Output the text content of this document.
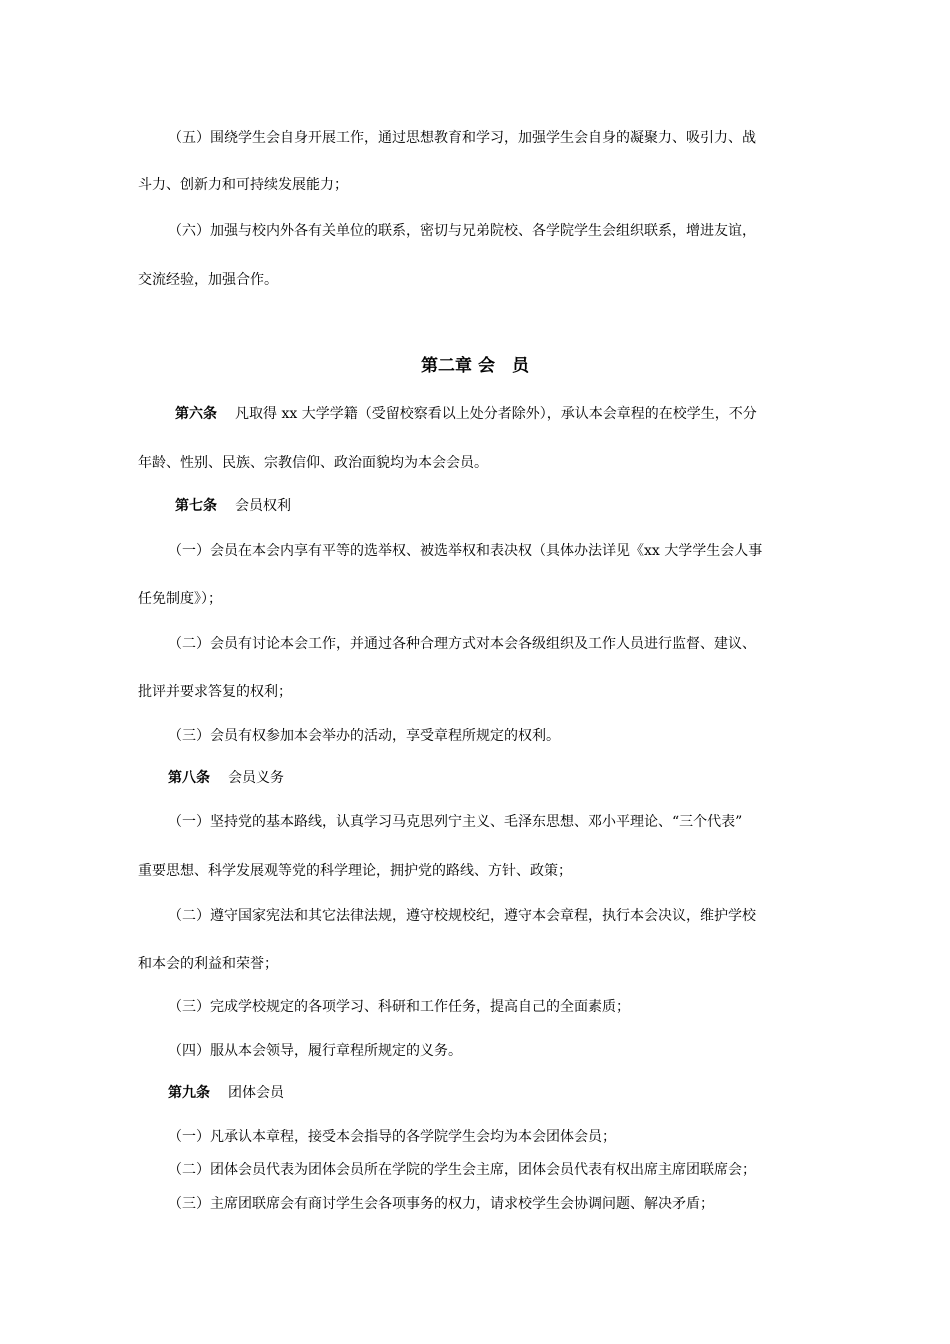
（五）围绕学生会自身开展工作，通过思想教育和学习，加强学生会自身的凝聚力、吸引力、战
斗力、创新力和可持续发展能力；
（六）加强与校内外各有关单位的联系，密切与兄弟院校、各学院学生会组织联系，增进友谊，
交流经验，加强合作。
第二章 会　员
第六条 凡取得 xx 大学学籍（受留校察看以上处分者除外），承认本会章程的在校学生，不分
年龄、性别、民族、宗教信仰、政治面貌均为本会会员。
第七条 会员权利
（一）会员在本会内享有平等的选举权、被选举权和表决权（具体办法详见《xx 大学学生会人事
任免制度》）；
（二）会员有讨论本会工作，并通过各种合理方式对本会各级组织及工作人员进行监督、建议、
批评并要求答复的权利；
（三）会员有权参加本会举办的活动，享受章程所规定的权利。
第八条 会员义务
（一）坚持党的基本路线，认真学习马克思列宁主义、毛泽东思想、邓小平理论、“三个代表”
重要思想、科学发展观等党的科学理论，拥护党的路线、方针、政策；
（二）遵守国家宪法和其它法律法规，遵守校规校纪，遵守本会章程，执行本会决议，维护学校
和本会的利益和荣誉；
（三）完成学校规定的各项学习、科研和工作任务，提高自己的全面素质；
（四）服从本会领导，履行章程所规定的义务。
第九条 团体会员
（一）凡承认本章程，接受本会指导的各学院学生会均为本会团体会员；
（二）团体会员代表为团体会员所在学院的学生会主席，团体会员代表有权出席主席团联席会；
（三）主席团联席会有商讨学生会各项事务的权力，请求校学生会协调问题、解决矛盾；
